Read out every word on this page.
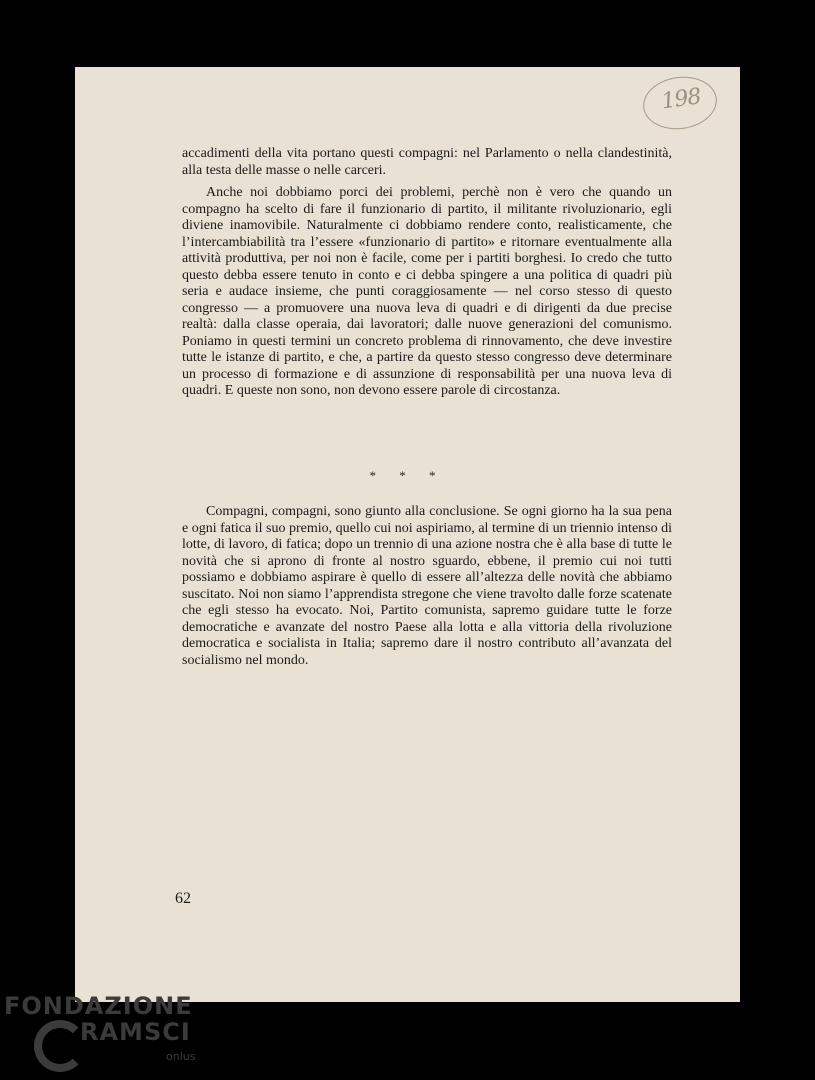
198

accadimenti della vita portano questi compagni: nel Parlamento o nella clandestinità, alla testa delle masse o nelle carceri.

Anche noi dobbiamo porci dei problemi, perchè non è vero che quando un compagno ha scelto di fare il funzionario di partito, il militante rivoluzionario, egli diviene inamovibile. Naturalmente ci dobbiamo rendere conto, realisticamente, che l’intercambiabilità tra l’essere «funzionario di partito» e ritornare eventualmente alla attività produttiva, per noi non è facile, come per i partiti borghesi. Io credo che tutto questo debba essere tenuto in conto e ci debba spingere a una politica di quadri più seria e audace insieme, che punti coraggiosamente — nel corso stesso di questo congresso — a promuovere una nuova leva di quadri e di dirigenti da due precise realtà: dalla classe operaia, dai lavoratori; dalle nuove generazioni del comunismo. Poniamo in questi termini un concreto problema di rinnovamento, che deve investire tutte le istanze di partito, e che, a partire da questo stesso congresso deve determinare un processo di formazione e di assunzione di responsabilità per una nuova leva di quadri. E queste non sono, non devono essere parole di circostanza.

* * *

Compagni, compagni, sono giunto alla conclusione. Se ogni giorno ha la sua pena e ogni fatica il suo premio, quello cui noi aspiriamo, al termine di un triennio intenso di lotte, di lavoro, di fatica; dopo un trennio di una azione nostra che è alla base di tutte le novità che si aprono di fronte al nostro sguardo, ebbene, il premio cui noi tutti possiamo e dobbiamo aspirare è quello di essere all’altezza delle novità che abbiamo suscitato. Noi non siamo l’apprendista stregone che viene travolto dalle forze scatenate che egli stesso ha evocato. Noi, Partito comunista, sapremo guidare tutte le forze democratiche e avanzate del nostro Paese alla lotta e alla vittoria della rivoluzione democratica e socialista in Italia; sapremo dare il nostro contributo all’avanzata del socialismo nel mondo.

62
FONDAZIONE
RAMSCI
onlus
